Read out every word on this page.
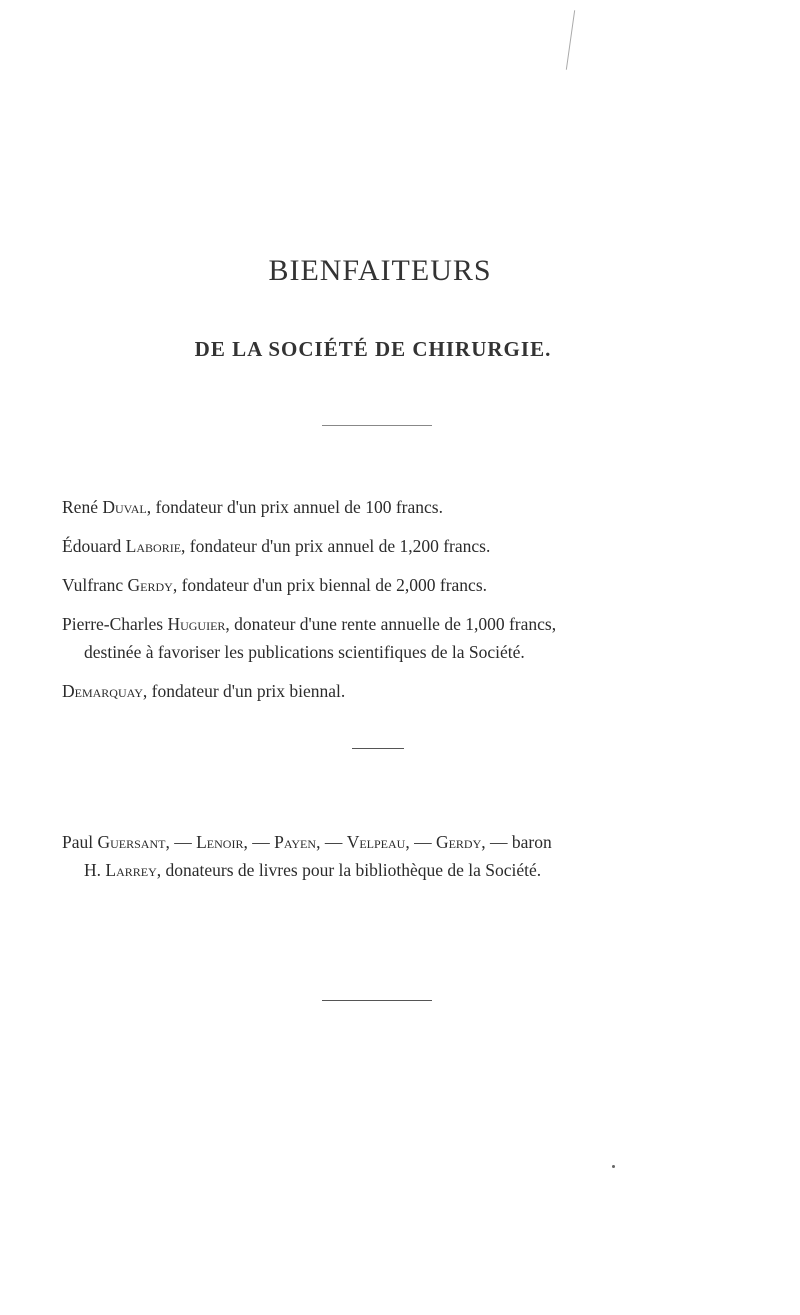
BIENFAITEURS
DE LA SOCIÉTÉ DE CHIRURGIE.
René Duval, fondateur d'un prix annuel de 100 francs.
Édouard Laborie, fondateur d'un prix annuel de 1,200 francs.
Vulfranc Gerdy, fondateur d'un prix biennal de 2,000 francs.
Pierre-Charles Huguier, donateur d'une rente annuelle de 1,000 francs,
destinée à favoriser les publications scientifiques de la Société.
Demarquay, fondateur d'un prix biennal.
Paul Guersant, — Lenoir, — Payen, — Velpeau, — Gerdy, — baron
H. Larrey, donateurs de livres pour la bibliothèque de la Société.
